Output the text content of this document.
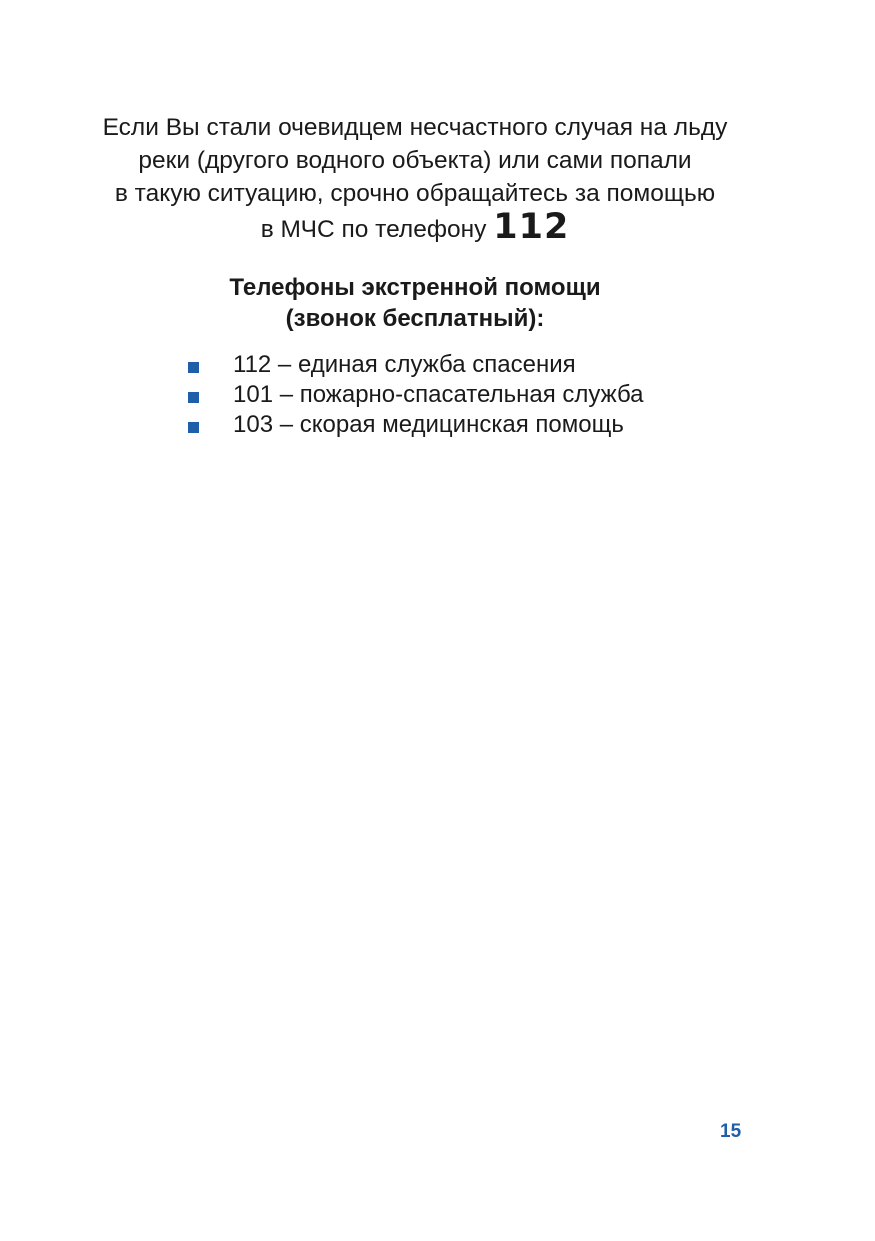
Если Вы стали очевидцем несчастного случая на льду
реки (другого водного объекта) или сами попали
в такую ситуацию, срочно обращайтесь за помощью
в МЧС по телефону 112
Телефоны экстренной помощи
(звонок бесплатный):
112 – единая служба спасения
101 – пожарно-спасательная служба
103 – скорая медицинская помощь
15
